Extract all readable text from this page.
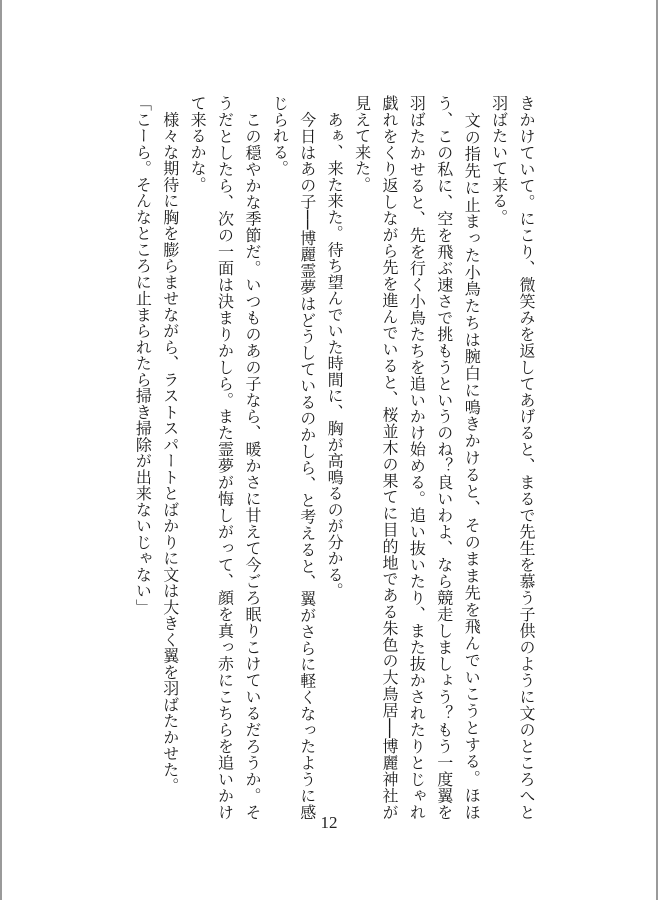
きかけていて。にこり、微笑みを返してあげると、まるで先生を慕う子供のように文のところへと羽ばたいて来る。

　文の指先に止まった小鳥たちは腕白に鳴きかけると、そのまま先を飛んでいこうとする。ほほう、この私に、空を飛ぶ速さで挑もうというのね？良いわよ、なら競走しましょう？もう一度翼を羽ばたかせると、先を行く小鳥たちを追いかけ始める。追い抜いたり、また抜かされたりとじゃれ戯れをくり返しながら先を進んでいると、桜並木の果てに目的地である朱色の大鳥居──博麗神社が見えて来た。

　あぁ、来た来た。待ち望んでいた時間に、胸が高鳴るのが分かる。

　今日はあの子──博麗霊夢はどうしているのかしら、と考えると、翼がさらに軽くなったように感じられる。

　この穏やかな季節だ。いつものあの子なら、暖かさに甘えて今ごろ眠りこけているだろうか。そうだとしたら、次の一面は決まりかしら。また霊夢が悔しがって、顔を真っ赤にこちらを追いかけて来るかな。

　様々な期待に胸を膨らませながら、ラストスパートとばかりに文は大きく翼を羽ばたかせた。

「こーら。そんなところに止まられたら掃き掃除が出来ないじゃない」

12
